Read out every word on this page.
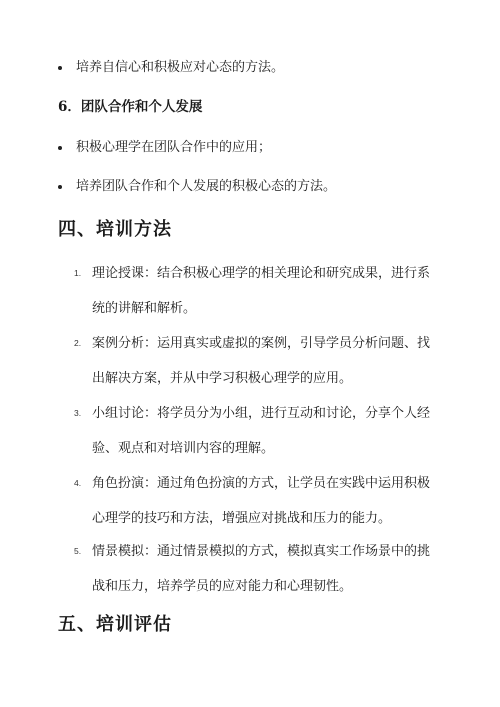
培养自信心和积极应对心态的方法。
6．团队合作和个人发展
积极心理学在团队合作中的应用；
培养团队合作和个人发展的积极心态的方法。
四、培训方法
1. 理论授课：结合积极心理学的相关理论和研究成果，进行系
统的讲解和解析。
2. 案例分析：运用真实或虚拟的案例，引导学员分析问题、找
出解决方案，并从中学习积极心理学的应用。
3. 小组讨论：将学员分为小组，进行互动和讨论，分享个人经
验、观点和对培训内容的理解。
4. 角色扮演：通过角色扮演的方式，让学员在实践中运用积极
心理学的技巧和方法，增强应对挑战和压力的能力。
5. 情景模拟：通过情景模拟的方式，模拟真实工作场景中的挑
战和压力，培养学员的应对能力和心理韧性。
五、培训评估
